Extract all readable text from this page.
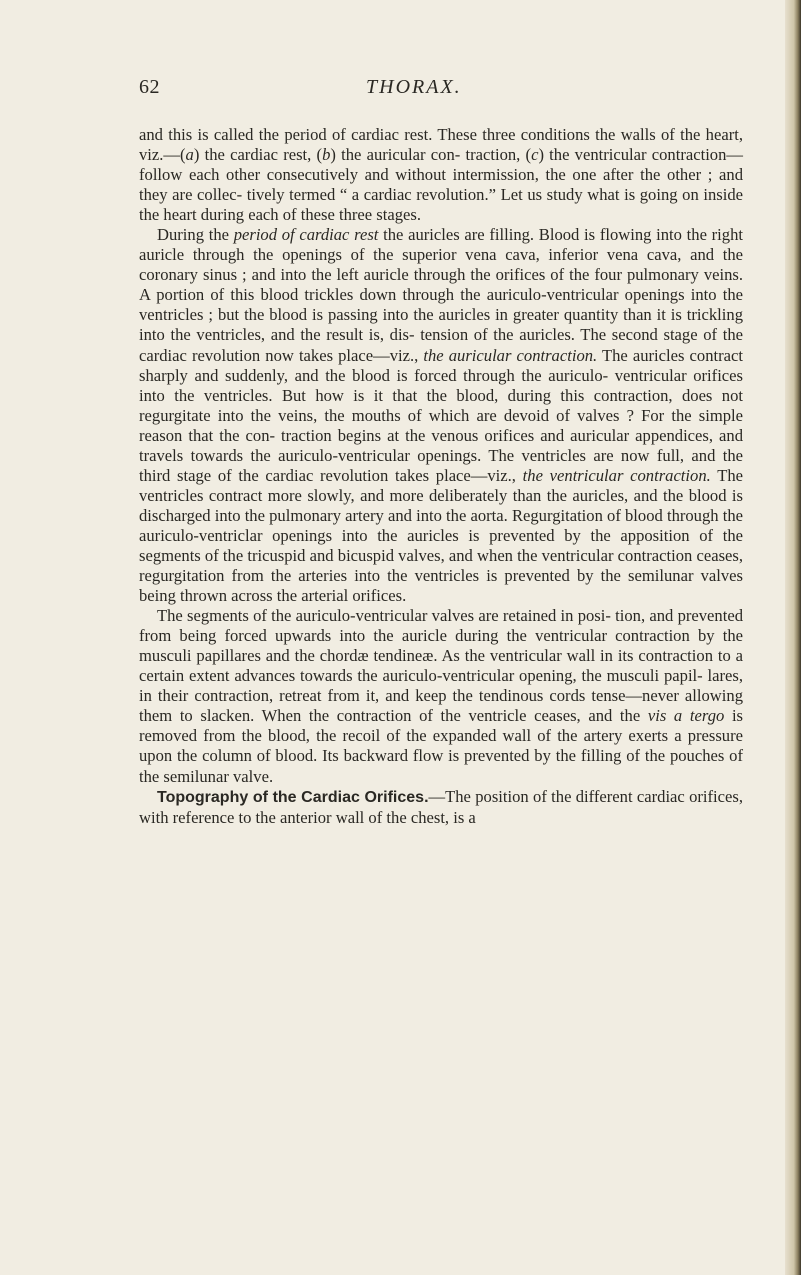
62	THORAX.

and this is called the period of cardiac rest. These three conditions the walls of the heart, viz.—(a) the cardiac rest, (b) the auricular con- traction, (c) the ventricular contraction—follow each other consecutively and without intermission, the one after the other ; and they are collec- tively termed “ a cardiac revolution.” Let us study what is going on inside the heart during each of these three stages.

During the period of cardiac rest the auricles are filling. Blood is flowing into the right auricle through the openings of the superior vena cava, inferior vena cava, and the coronary sinus ; and into the left auricle through the orifices of the four pulmonary veins. A portion of this blood trickles down through the auriculo-ventricular openings into the ventricles ; but the blood is passing into the auricles in greater quantity than it is trickling into the ventricles, and the result is, dis- tension of the auricles. The second stage of the cardiac revolution now takes place—viz., the auricular contraction. The auricles contract sharply and suddenly, and the blood is forced through the auriculo- ventricular orifices into the ventricles. But how is it that the blood, during this contraction, does not regurgitate into the veins, the mouths of which are devoid of valves ? For the simple reason that the con- traction begins at the venous orifices and auricular appendices, and travels towards the auriculo-ventricular openings. The ventricles are now full, and the third stage of the cardiac revolution takes place—viz., the ventricular contraction. The ventricles contract more slowly, and more deliberately than the auricles, and the blood is discharged into the pulmonary artery and into the aorta. Regurgitation of blood through the auriculo-ventriclar openings into the auricles is prevented by the apposition of the segments of the tricuspid and bicuspid valves, and when the ventricular contraction ceases, regurgitation from the arteries into the ventricles is prevented by the semilunar valves being thrown across the arterial orifices.

The segments of the auriculo-ventricular valves are retained in posi- tion, and prevented from being forced upwards into the auricle during the ventricular contraction by the musculi papillares and the chordæ tendineæ. As the ventricular wall in its contraction to a certain extent advances towards the auriculo-ventricular opening, the musculi papil- lares, in their contraction, retreat from it, and keep the tendinous cords tense—never allowing them to slacken. When the contraction of the ventricle ceases, and the vis a tergo is removed from the blood, the recoil of the expanded wall of the artery exerts a pressure upon the column of blood. Its backward flow is prevented by the filling of the pouches of the semilunar valve.

Topography of the Cardiac Orifices.—The position of the different cardiac orifices, with reference to the anterior wall of the chest, is a
